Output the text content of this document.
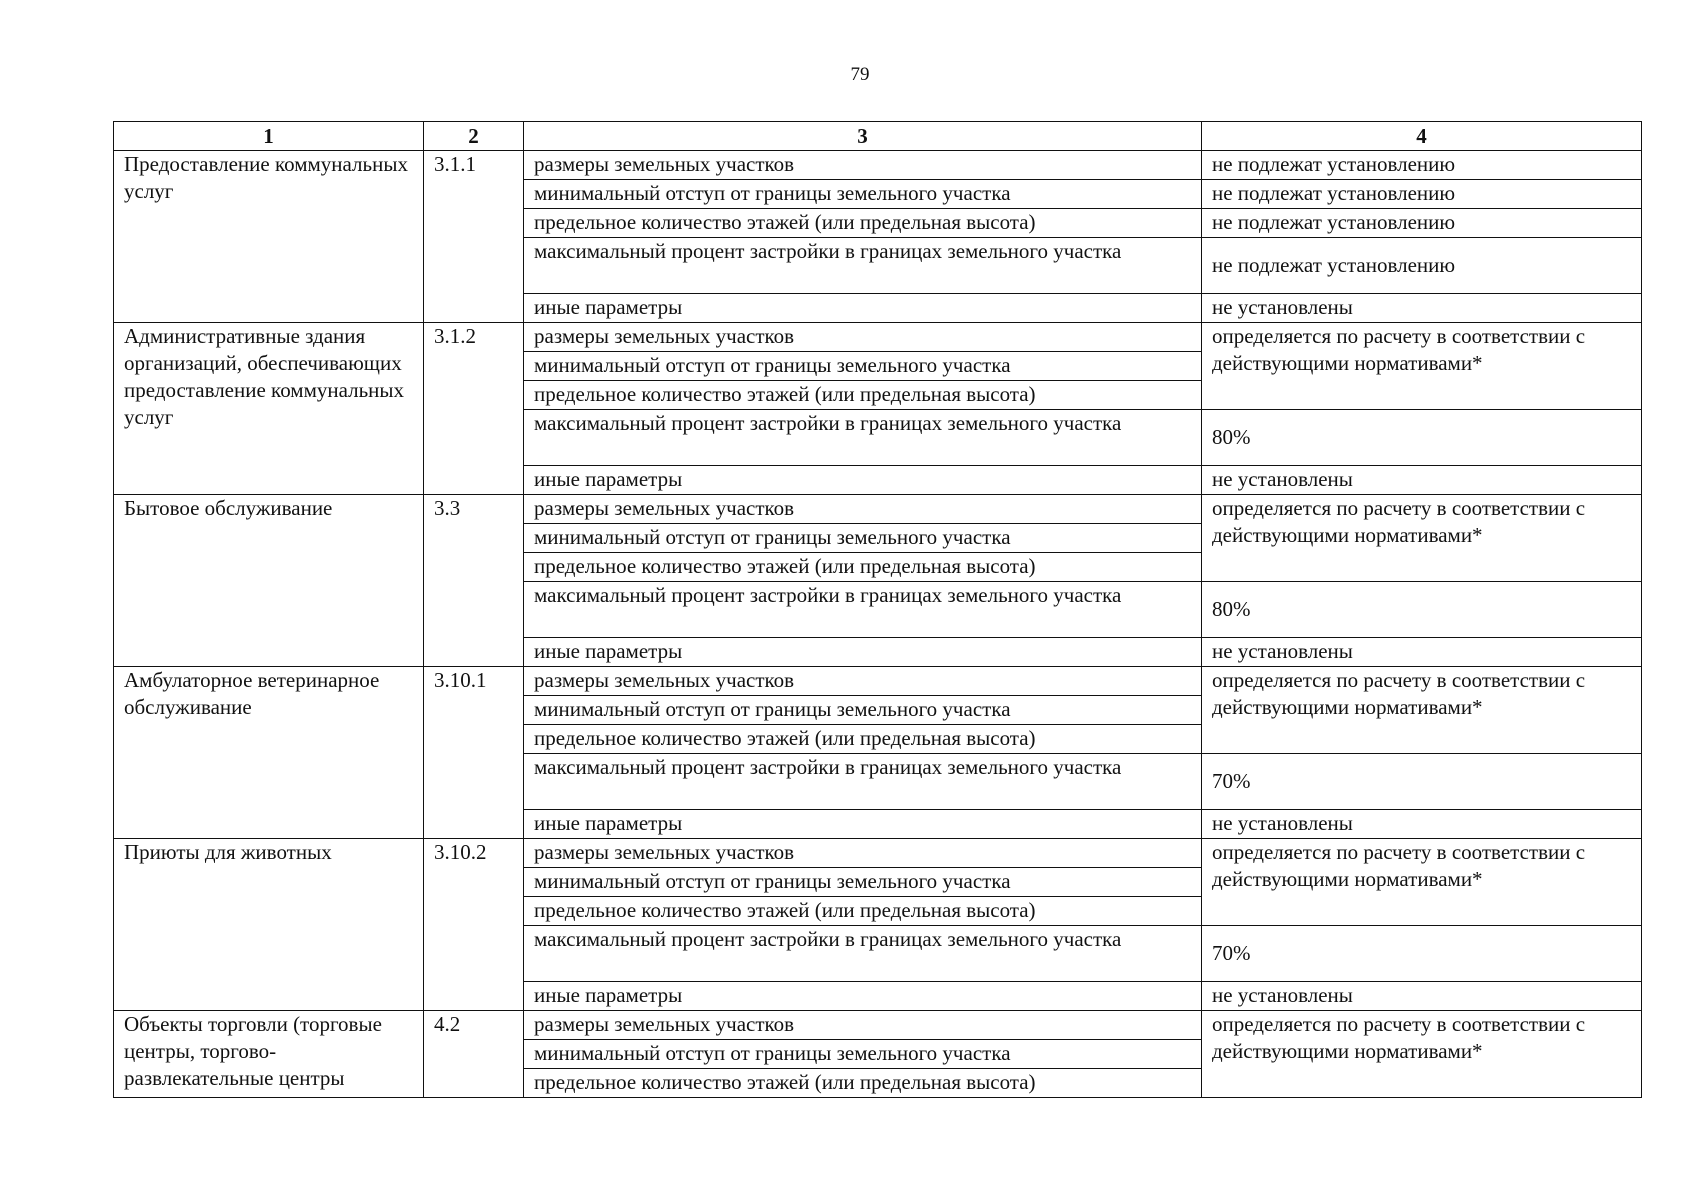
79
1	2	3	4
Предоставление коммунальных услуг	3.1.1	размеры земельных участков	не подлежат установлению
		минимальный отступ от границы земельного участка	не подлежат установлению
		предельное количество этажей (или предельная высота)	не подлежат установлению
		максимальный процент застройки в границах земельного участка	не подлежат установлению
		иные параметры	не установлены
Административные здания организаций, обеспечивающих предоставление коммунальных услуг	3.1.2	размеры земельных участков	определяется по расчету в соответствии с действующими нормативами*
		минимальный отступ от границы земельного участка	
		предельное количество этажей (или предельная высота)	
		максимальный процент застройки в границах земельного участка	80%
		иные параметры	не установлены
Бытовое обслуживание	3.3	размеры земельных участков	определяется по расчету в соответствии с действующими нормативами*
		минимальный отступ от границы земельного участка	
		предельное количество этажей (или предельная высота)	
		максимальный процент застройки в границах земельного участка	80%
		иные параметры	не установлены
Амбулаторное ветеринарное обслуживание	3.10.1	размеры земельных участков	определяется по расчету в соответствии с действующими нормативами*
		минимальный отступ от границы земельного участка	
		предельное количество этажей (или предельная высота)	
		максимальный процент застройки в границах земельного участка	70%
		иные параметры	не установлены
Приюты для животных	3.10.2	размеры земельных участков	определяется по расчету в соответствии с действующими нормативами*
		минимальный отступ от границы земельного участка	
		предельное количество этажей (или предельная высота)	
		максимальный процент застройки в границах земельного участка	70%
		иные параметры	не установлены
Объекты торговли (торговые центры, торгово-развлекательные центры	4.2	размеры земельных участков	определяется по расчету в соответствии с действующими нормативами*
		минимальный отступ от границы земельного участка	
		предельное количество этажей (или предельная высота)	
